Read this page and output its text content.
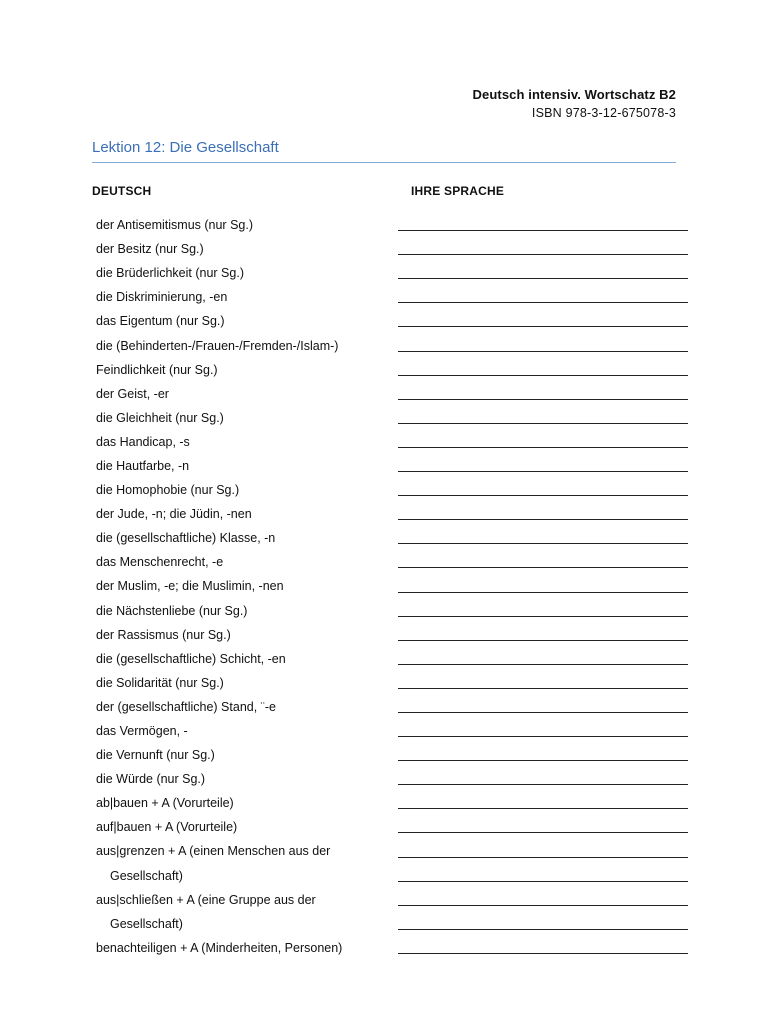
Deutsch intensiv. Wortschatz B2
ISBN 978-3-12-675078-3
Lektion 12: Die Gesellschaft
DEUTSCH	IHRE SPRACHE
der Antisemitismus (nur Sg.)
der Besitz (nur Sg.)
die Brüderlichkeit (nur Sg.)
die Diskriminierung, -en
das Eigentum (nur Sg.)
die (Behinderten-/Frauen-/Fremden-/Islam-)
Feindlichkeit (nur Sg.)
der Geist, -er
die Gleichheit (nur Sg.)
das Handicap, -s
die Hautfarbe, -n
die Homophobie (nur Sg.)
der Jude, -n; die Jüdin, -nen
die (gesellschaftliche) Klasse, -n
das Menschenrecht, -e
der Muslim, -e; die Muslimin, -nen
die Nächstenliebe (nur Sg.)
der Rassismus (nur Sg.)
die (gesellschaftliche) Schicht, -en
die Solidarität (nur Sg.)
der (gesellschaftliche) Stand, ¨-e
das Vermögen, -
die Vernunft (nur Sg.)
die Würde (nur Sg.)
ab|bauen + A (Vorurteile)
auf|bauen + A (Vorurteile)
aus|grenzen + A (einen Menschen aus der
Gesellschaft)
aus|schließen + A (eine Gruppe aus der
Gesellschaft)
benachteiligen + A (Minderheiten, Personen)
